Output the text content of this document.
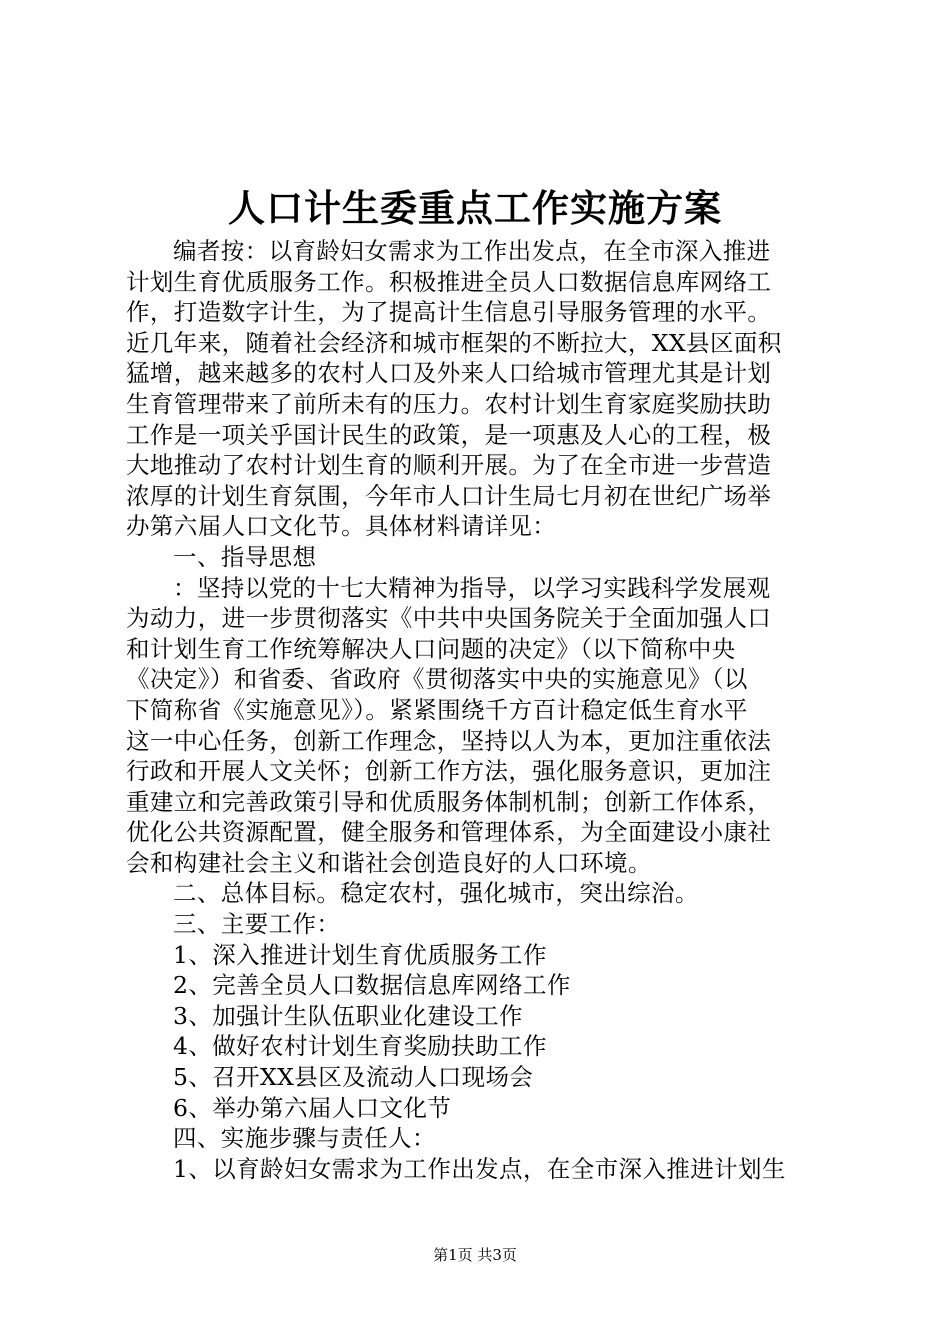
人口计生委重点工作实施方案
编者按：以育龄妇女需求为工作出发点，在全市深入推进
计划生育优质服务工作。积极推进全员人口数据信息库网络工
作，打造数字计生，为了提高计生信息引导服务管理的水平。
近几年来，随着社会经济和城市框架的不断拉大，XX县区面积
猛增，越来越多的农村人口及外来人口给城市管理尤其是计划
生育管理带来了前所未有的压力。农村计划生育家庭奖励扶助
工作是一项关乎国计民生的政策，是一项惠及人心的工程，极
大地推动了农村计划生育的顺利开展。为了在全市进一步营造
浓厚的计划生育氛围，今年市人口计生局七月初在世纪广场举
办第六届人口文化节。具体材料请详见：
一、指导思想
：坚持以党的十七大精神为指导，以学习实践科学发展观
为动力，进一步贯彻落实《中共中央国务院关于全面加强人口
和计划生育工作统筹解决人口问题的决定》（以下简称中央
《决定》）和省委、省政府《贯彻落实中央的实施意见》（以
下简称省《实施意见》）。紧紧围绕千方百计稳定低生育水平
这一中心任务，创新工作理念，坚持以人为本，更加注重依法
行政和开展人文关怀；创新工作方法，强化服务意识，更加注
重建立和完善政策引导和优质服务体制机制；创新工作体系，
优化公共资源配置，健全服务和管理体系，为全面建设小康社
会和构建社会主义和谐社会创造良好的人口环境。
二、总体目标。稳定农村，强化城市，突出综治。
三、主要工作：
1、深入推进计划生育优质服务工作
2、完善全员人口数据信息库网络工作
3、加强计生队伍职业化建设工作
4、做好农村计划生育奖励扶助工作
5、召开XX县区及流动人口现场会
6、举办第六届人口文化节
四、实施步骤与责任人：
1、以育龄妇女需求为工作出发点，在全市深入推进计划生
第1页 共3页
